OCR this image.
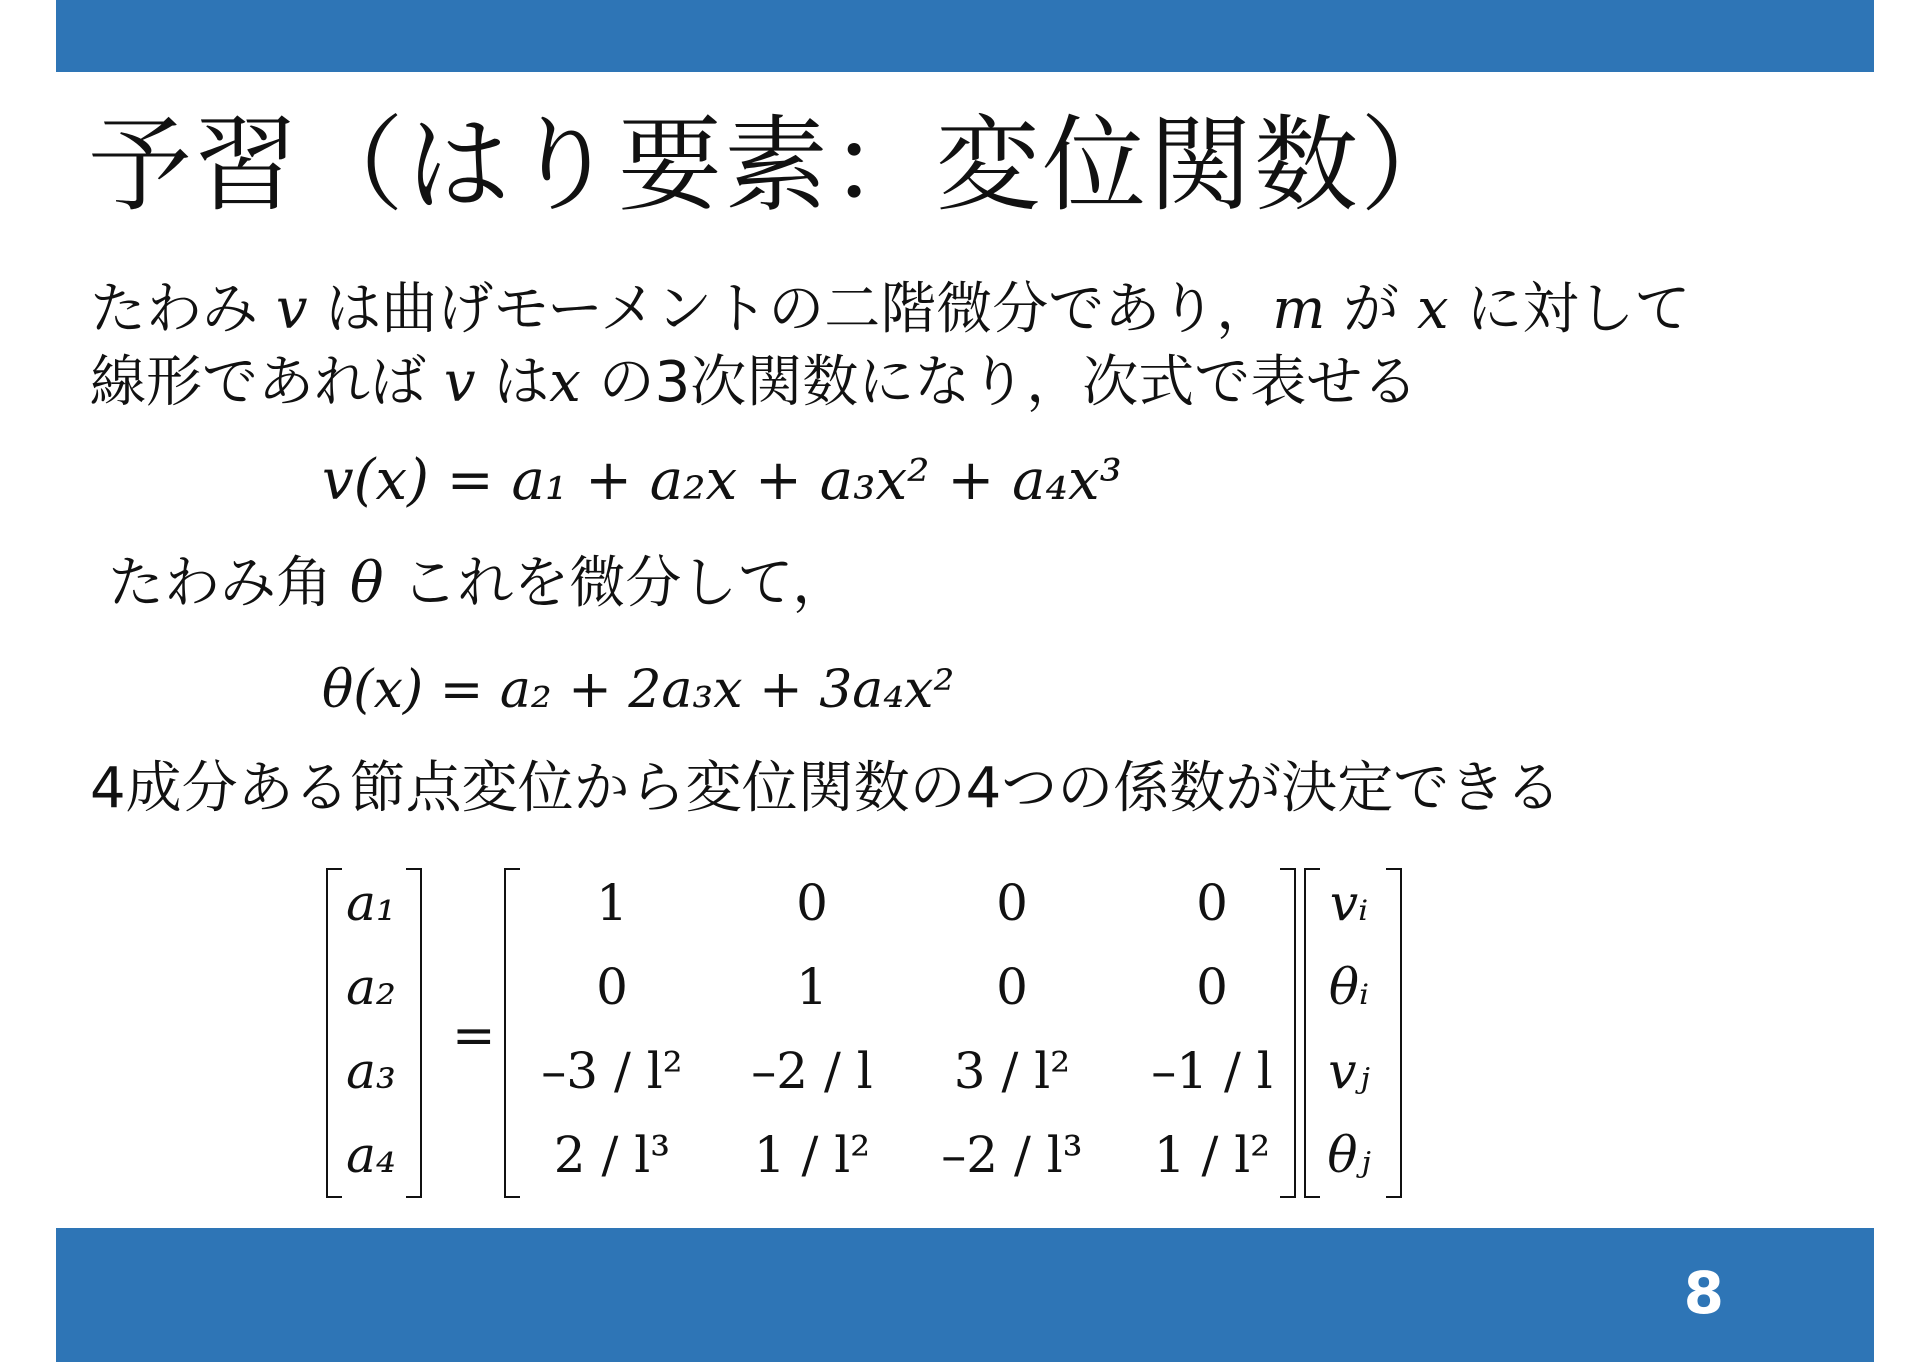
予習（はり要素：変位関数）
たわみ v は曲げモーメントの二階微分であり，m が x に対して
線形であれば v はx の3次関数になり，次式で表せる
v(x) = a₁ + a₂x + a₃x² + a₄x³
たわみ角 θ これを微分して，
θ(x) = a₂ + 2a₃x + 3a₄x²
4成分ある節点変位から変位関数の4つの係数が決定できる
a₁
a₂
a₃
a₄
=
1	0	0	0
0	1	0	0
–3 / l²	–2 / l	3 / l²	–1 / l
2 / l³	1 / l²	–2 / l³	1 / l²
vᵢ
θᵢ
vⱼ
θⱼ
8
